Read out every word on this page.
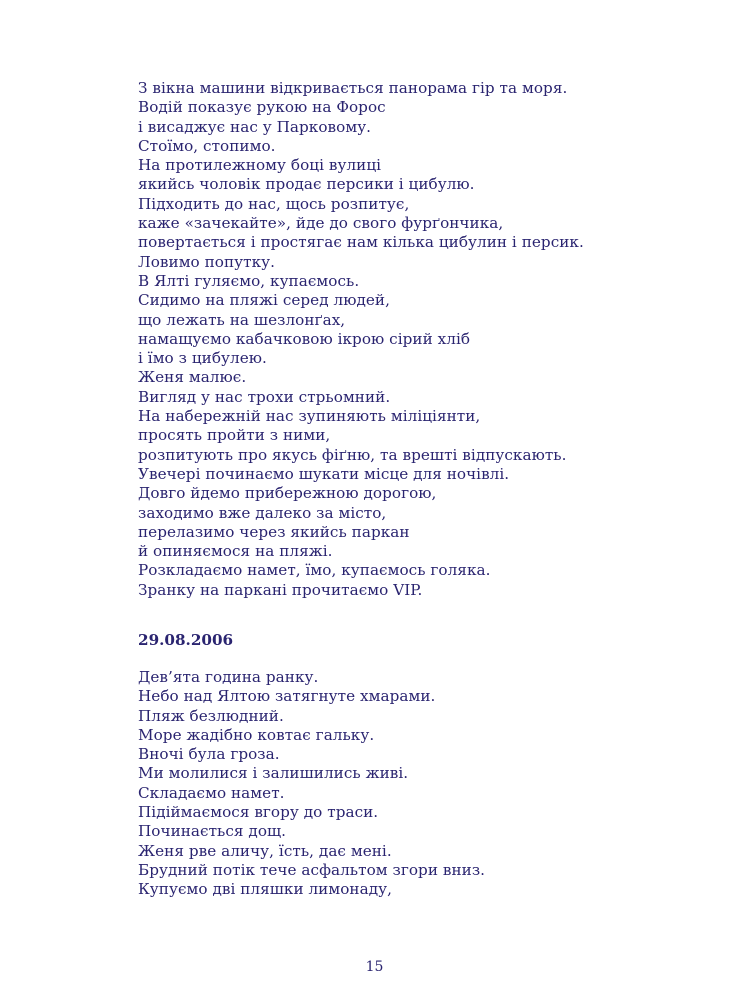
З вікна машини відкривається панорама гір та моря.
Водій показує рукою на Форос
і висаджує нас у Парковому.
Стоїмо, стопимо.
На протилежному боці вулиці
якийсь чоловік продає персики і цибулю.
Підходить до нас, щось розпитує,
каже «зачекайте», йде до свого фурґончика,
повертається і простягає нам кілька цибулин і персик.
Ловимо попутку.
В Ялті гуляємо, купаємось.
Сидимо на пляжі серед людей,
що лежать на шезлонґах,
намащуємо кабачковою ікрою сірий хліб
і їмо з цибулею.
Женя малює.
Вигляд у нас трохи стрьомний.
На набережній нас зупиняють міліціянти,
просять пройти з ними,
розпитують про якусь фіґню, та врешті відпускають.
Увечері починаємо шукати місце для ночівлі.
Довго йдемо прибережною дорогою,
заходимо вже далеко за місто,
перелазимо через якийсь паркан
й опиняємося на пляжі.
Розкладаємо намет, їмо, купаємось голяка.
Зранку на паркані прочитаємо VIP.
29.08.2006
Дев’ята година ранку.
Небо над Ялтою затягнуте хмарами.
Пляж безлюдний.
Море жадібно ковтає гальку.
Вночі була гроза.
Ми молилися і залишились живі.
Складаємо намет.
Підіймаємося вгору до траси.
Починається дощ.
Женя рве аличу, їсть, дає мені.
Брудний потік тече асфальтом згори вниз.
Купуємо дві пляшки лимонаду,
15
